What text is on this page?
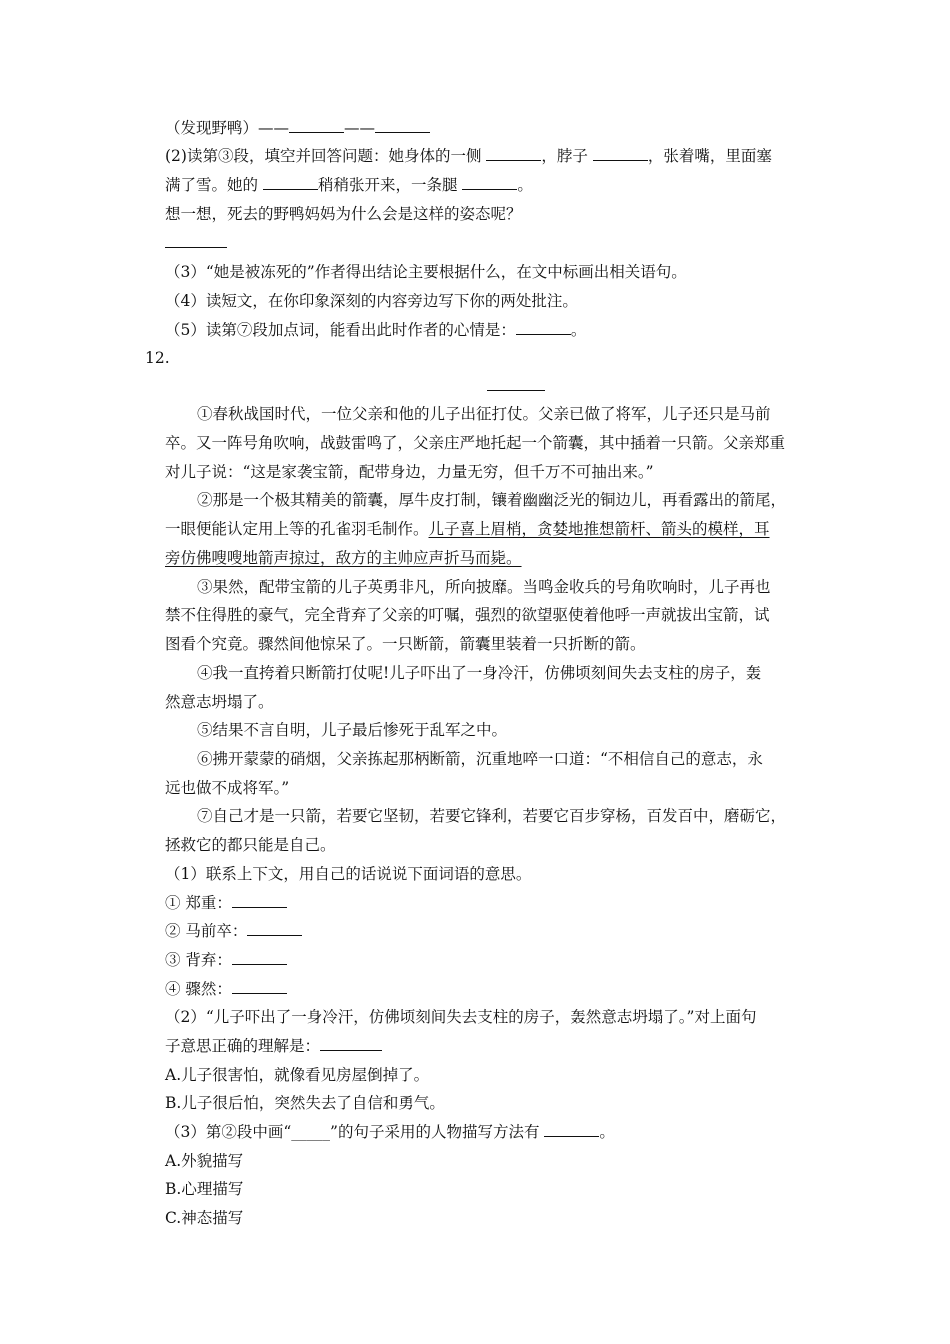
（发现野鸭）——	——
(2)读第③段，填空并回答问题：她身体的一侧	，脖子	，张着嘴，里面塞
满了雪。她的	稍稍张开来，一条腿	。
想一想，死去的野鸭妈妈为什么会是这样的姿态呢？
（3）“她是被冻死的”作者得出结论主要根据什么，在文中标画出相关语句。
（4）读短文，在你印象深刻的内容旁边写下你的两处批注。
（5）读第⑦段加点词，能看出此时作者的心情是：	。
12.
①春秋战国时代，一位父亲和他的儿子出征打仗。父亲已做了将军，儿子还只是马前
卒。又一阵号角吹响，战鼓雷鸣了，父亲庄严地托起一个箭囊，其中插着一只箭。父亲郑重
对儿子说：“这是家袭宝箭，配带身边，力量无穷，但千万不可抽出来。”
②那是一个极其精美的箭囊，厚牛皮打制，镶着幽幽泛光的铜边儿，再看露出的箭尾，
一眼便能认定用上等的孔雀羽毛制作。儿子喜上眉梢，贪婪地推想箭杆、箭头的模样，耳
旁仿佛嗖嗖地箭声掠过，敌方的主帅应声折马而毙。
③果然，配带宝箭的儿子英勇非凡，所向披靡。当鸣金收兵的号角吹响时，儿子再也
禁不住得胜的豪气，完全背弃了父亲的叮嘱，强烈的欲望驱使着他呼一声就拔出宝箭，试
图看个究竟。骤然间他惊呆了。一只断箭，箭囊里装着一只折断的箭。
④我一直挎着只断箭打仗呢!儿子吓出了一身冷汗，仿佛顷刻间失去支柱的房子，轰
然意志坍塌了。
⑤结果不言自明，儿子最后惨死于乱军之中。
⑥拂开蒙蒙的硝烟，父亲拣起那柄断箭，沉重地啐一口道：“不相信自己的意志，永
远也做不成将军。”
⑦自己才是一只箭，若要它坚韧，若要它锋利，若要它百步穿杨，百发百中，磨砺它，
拯救它的都只能是自己。
（1）联系上下文，用自己的话说说下面词语的意思。
① 郑重：
② 马前卒：
③ 背弃：
④ 骤然：
（2）“儿子吓出了一身冷汗，仿佛顷刻间失去支柱的房子，轰然意志坍塌了。”对上面句
子意思正确的理解是：
A.儿子很害怕，就像看见房屋倒掉了。
B.儿子很后怕，突然失去了自信和勇气。
（3）第②段中画“_____”的句子采用的人物描写方法有	。
A.外貌描写
B.心理描写
C.神态描写
